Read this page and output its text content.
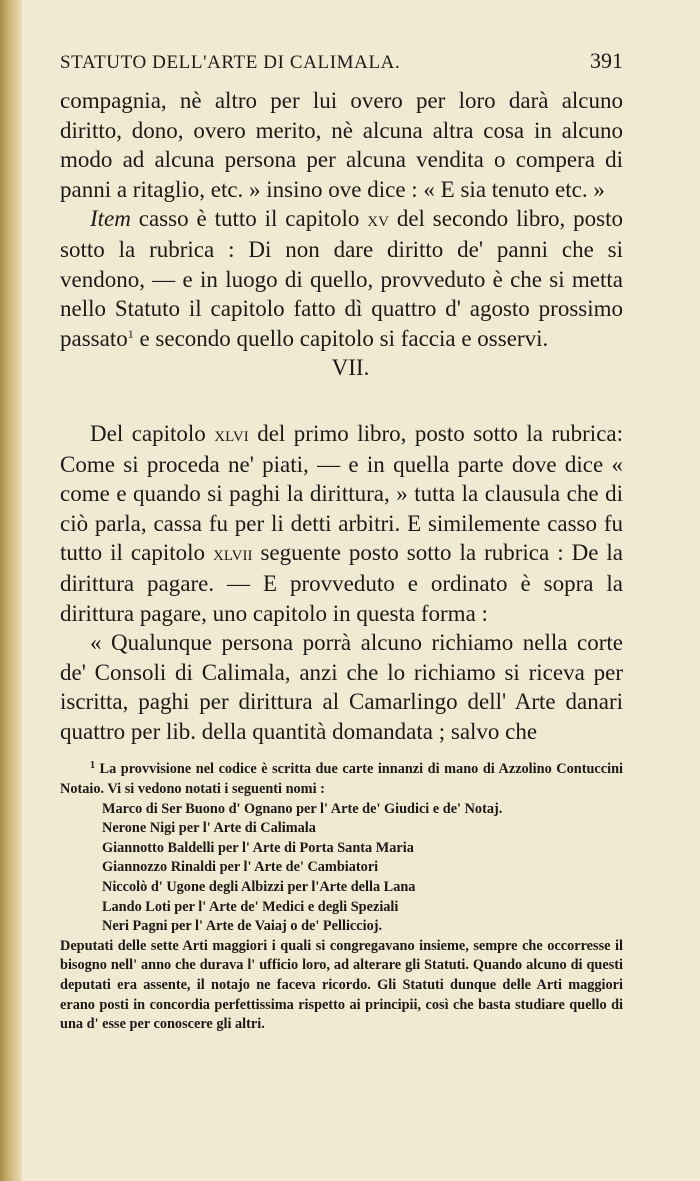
STATUTO DELL'ARTE DI CALIMALA.	391

compagnia, nè altro per lui overo per loro darà alcuno diritto, dono, overo merito, nè alcuna altra cosa in alcuno modo ad alcuna persona per alcuna vendita o compera di panni a ritaglio, etc. » insino ove dice : « E sia tenuto etc. »

Item casso è tutto il capitolo xv del secondo libro, posto sotto la rubrica : Di non dare diritto de' panni che si vendono, — e in luogo di quello, provveduto è che si metta nello Statuto il capitolo fatto dì quattro d' agosto prossimo passato$^1$ e secondo quello capitolo si faccia e osservi.

VII.

Del capitolo xlvi del primo libro, posto sotto la rubrica: Come si proceda ne' piati, — e in quella parte dove dice « come e quando si paghi la dirittura, » tutta la clausula che di ciò parla, cassa fu per li detti arbitri. E similemente casso fu tutto il capitolo xlvii seguente posto sotto la rubrica : De la dirittura pagare. — E provveduto e ordinato è sopra la dirittura pagare, uno capitolo in questa forma :

« Qualunque persona porrà alcuno richiamo nella corte de' Consoli di Calimala, anzi che lo richiamo si riceva per iscritta, paghi per dirittura al Camarlingo dell' Arte danari quattro per lib. della quantità domandata ; salvo che

$^1$ La provvisione nel codice è scritta due carte innanzi di mano di Azzolino Contuccini Notaio. Vi si vedono notati i seguenti nomi :

Marco di Ser Buono d' Ognano per l' Arte de' Giudici e de' Notaj.

Nerone Nigi per l' Arte di Calimala

Giannotto Baldelli per l' Arte di Porta Santa Maria

Giannozzo Rinaldi per l' Arte de' Cambiatori

Niccolò d' Ugone degli Albizzi per l'Arte della Lana

Lando Loti per l' Arte de' Medici e degli Speziali

Neri Pagni per l' Arte de Vaiaj o de' Pelliccioj.

Deputati delle sette Arti maggiori i quali si congregavano insieme, sempre che occorresse il bisogno nell' anno che durava l' ufficio loro, ad alterare gli Statuti. Quando alcuno di questi deputati era assente, il notajo ne faceva ricordo. Gli Statuti dunque delle Arti maggiori erano posti in concordia perfettissima rispetto ai principii, così che basta studiare quello di una d' esse per conoscere gli altri.
